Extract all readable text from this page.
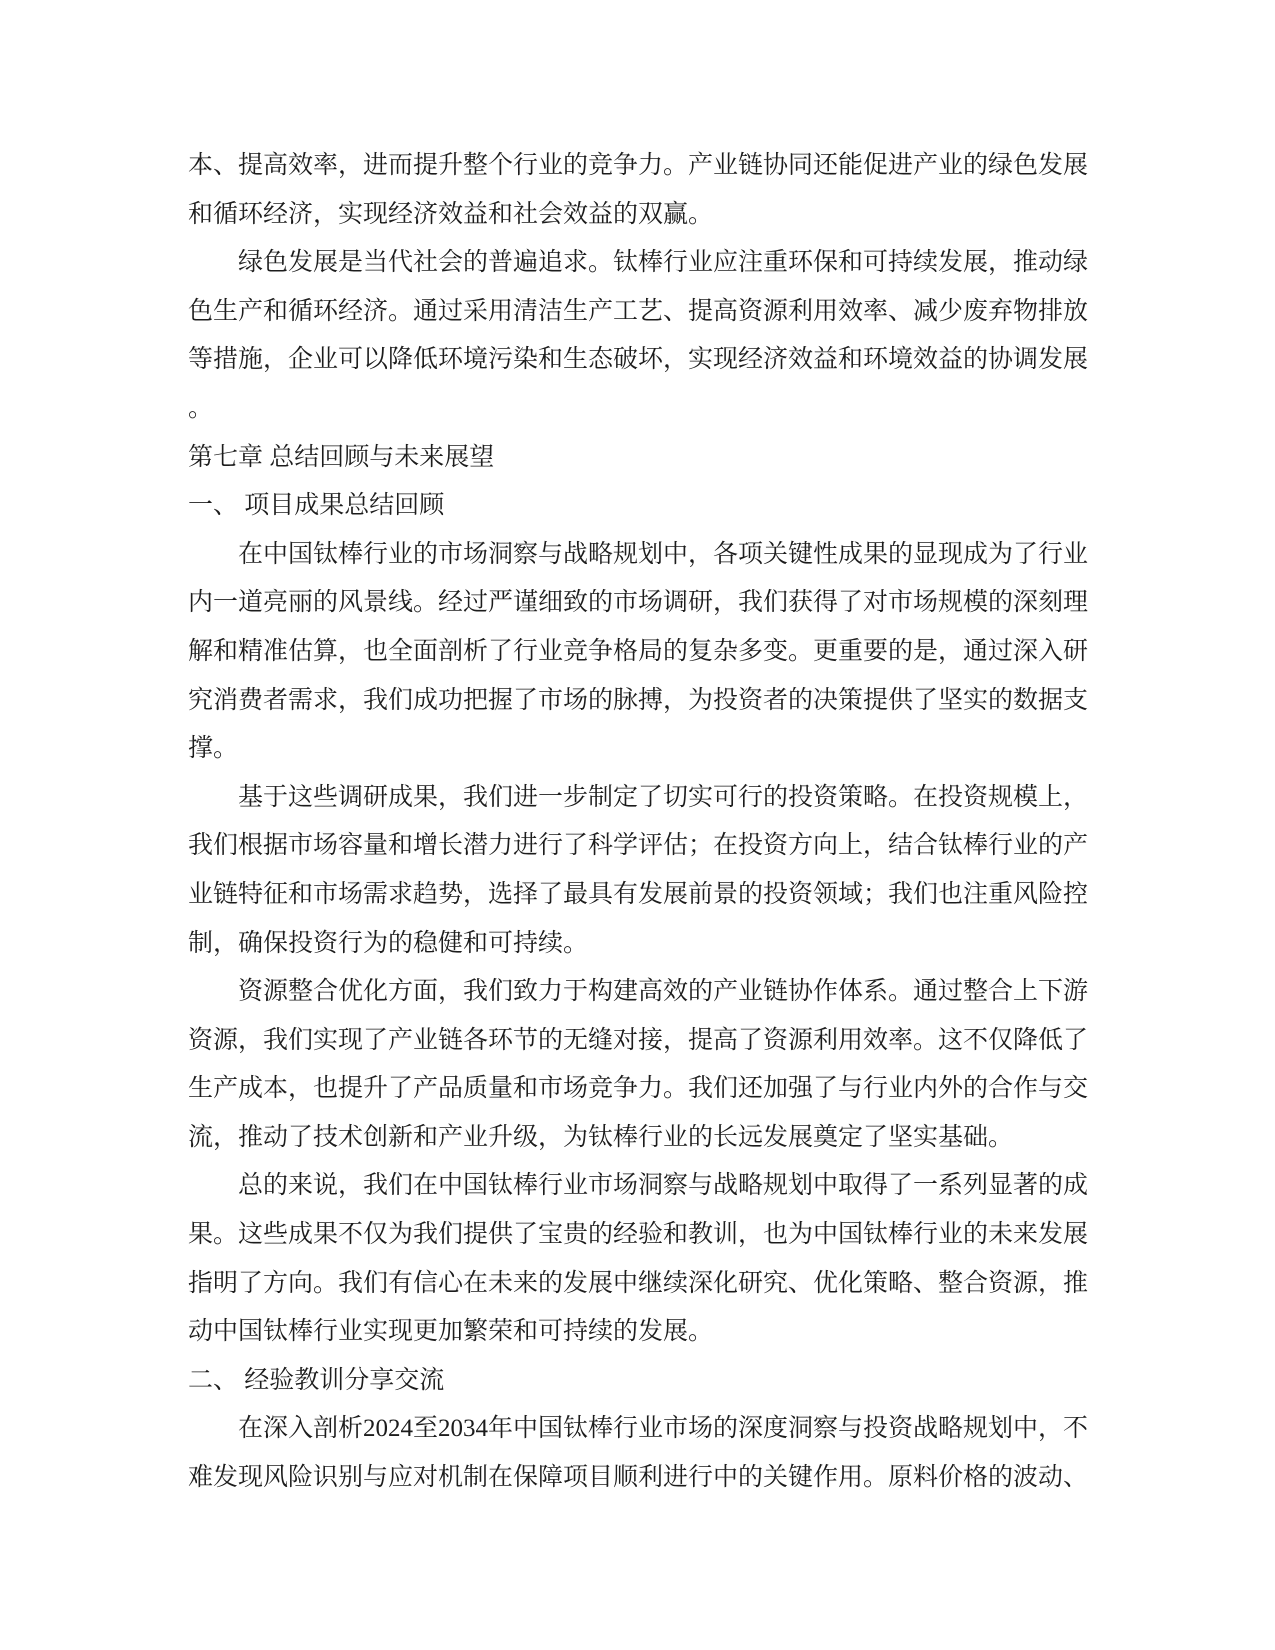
本、提高效率，进而提升整个行业的竞争力。产业链协同还能促进产业的绿色发展
和循环经济，实现经济效益和社会效益的双赢。
绿色发展是当代社会的普遍追求。钛棒行业应注重环保和可持续发展，推动绿
色生产和循环经济。通过采用清洁生产工艺、提高资源利用效率、减少废弃物排放
等措施，企业可以降低环境污染和生态破坏，实现经济效益和环境效益的协调发展
。
第七章 总结回顾与未来展望
一、 项目成果总结回顾
在中国钛棒行业的市场洞察与战略规划中，各项关键性成果的显现成为了行业
内一道亮丽的风景线。经过严谨细致的市场调研，我们获得了对市场规模的深刻理
解和精准估算，也全面剖析了行业竞争格局的复杂多变。更重要的是，通过深入研
究消费者需求，我们成功把握了市场的脉搏，为投资者的决策提供了坚实的数据支
撑。
基于这些调研成果，我们进一步制定了切实可行的投资策略。在投资规模上，
我们根据市场容量和增长潜力进行了科学评估；在投资方向上，结合钛棒行业的产
业链特征和市场需求趋势，选择了最具有发展前景的投资领域；我们也注重风险控
制，确保投资行为的稳健和可持续。
资源整合优化方面，我们致力于构建高效的产业链协作体系。通过整合上下游
资源，我们实现了产业链各环节的无缝对接，提高了资源利用效率。这不仅降低了
生产成本，也提升了产品质量和市场竞争力。我们还加强了与行业内外的合作与交
流，推动了技术创新和产业升级，为钛棒行业的长远发展奠定了坚实基础。
总的来说，我们在中国钛棒行业市场洞察与战略规划中取得了一系列显著的成
果。这些成果不仅为我们提供了宝贵的经验和教训，也为中国钛棒行业的未来发展
指明了方向。我们有信心在未来的发展中继续深化研究、优化策略、整合资源，推
动中国钛棒行业实现更加繁荣和可持续的发展。
二、 经验教训分享交流
在深入剖析2024至2034年中国钛棒行业市场的深度洞察与投资战略规划中，不
难发现风险识别与应对机制在保障项目顺利进行中的关键作用。原料价格的波动、
